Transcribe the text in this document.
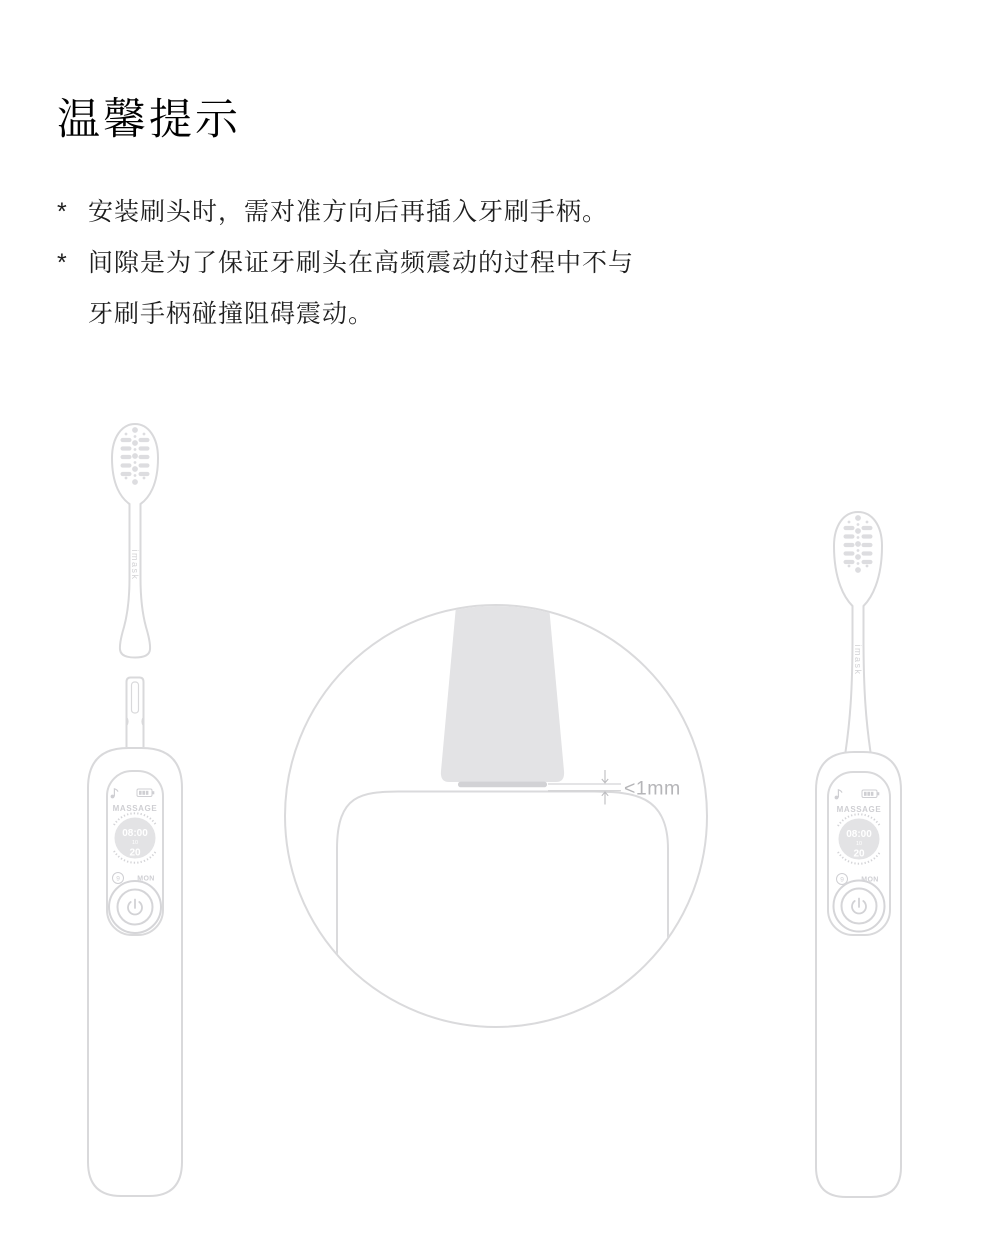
温馨提示
* 安装刷头时，需对准方向后再插入牙刷手柄。
* 间隙是为了保证牙刷头在高频震动的过程中不与
牙刷手柄碰撞阻碍震动。
imask
MASSAGE
08:00
10
20
9 MON
<1mm
imask
MASSAGE
08:00
10
20
9 MON
